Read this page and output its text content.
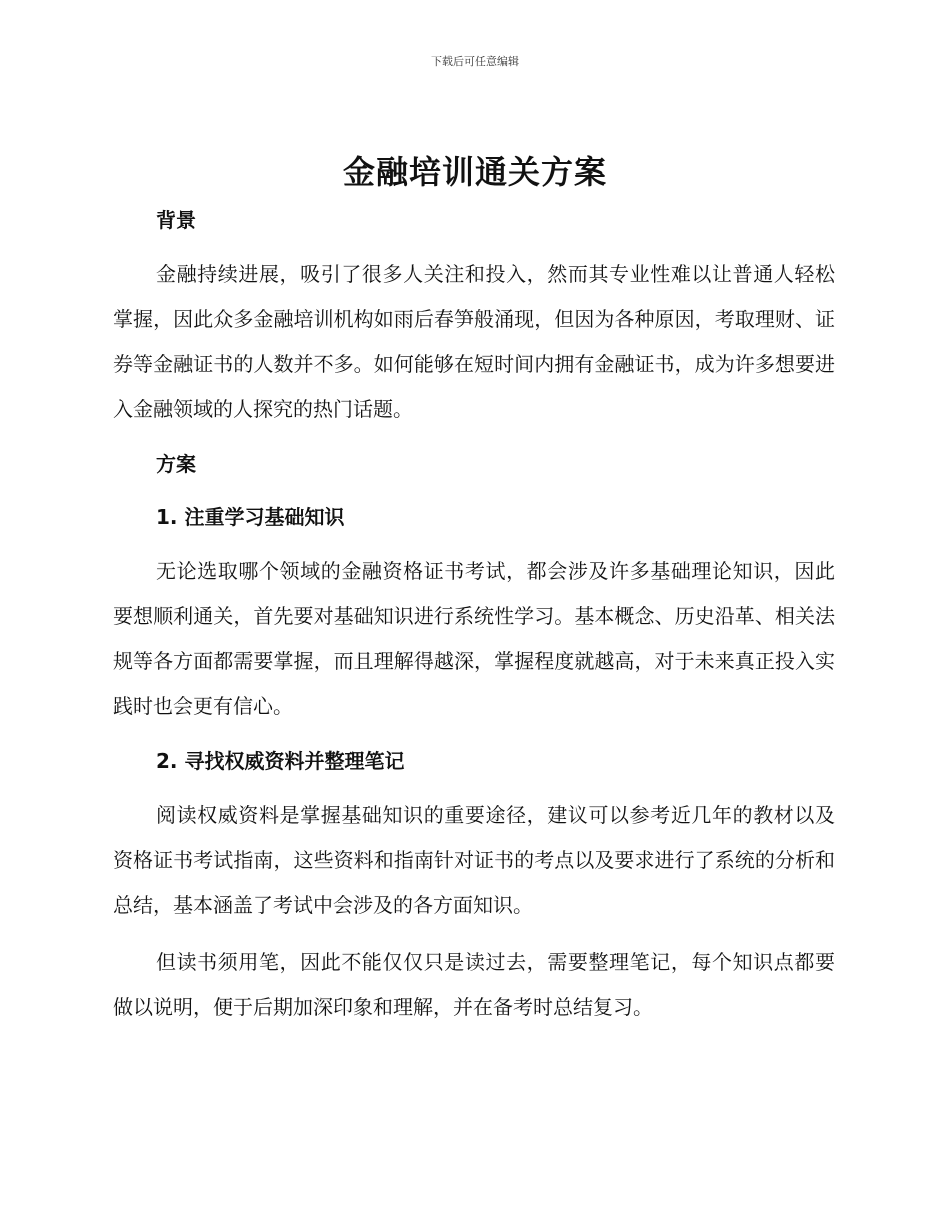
下载后可任意编辑
金融培训通关方案
背景

金融持续进展，吸引了很多人关注和投入，然而其专业性难以让普通人轻松掌握，因此众多金融培训机构如雨后春笋般涌现，但因为各种原因，考取理财、证券等金融证书的人数并不多。如何能够在短时间内拥有金融证书，成为许多想要进入金融领域的人探究的热门话题。

方案
1. 注重学习基础知识

无论选取哪个领域的金融资格证书考试，都会涉及许多基础理论知识，因此要想顺利通关，首先要对基础知识进行系统性学习。基本概念、历史沿革、相关法规等各方面都需要掌握，而且理解得越深，掌握程度就越高，对于未来真正投入实践时也会更有信心。

2. 寻找权威资料并整理笔记

阅读权威资料是掌握基础知识的重要途径，建议可以参考近几年的教材以及资格证书考试指南，这些资料和指南针对证书的考点以及要求进行了系统的分析和总结，基本涵盖了考试中会涉及的各方面知识。

但读书须用笔，因此不能仅仅只是读过去，需要整理笔记，每个知识点都要做以说明，便于后期加深印象和理解，并在备考时总结复习。
